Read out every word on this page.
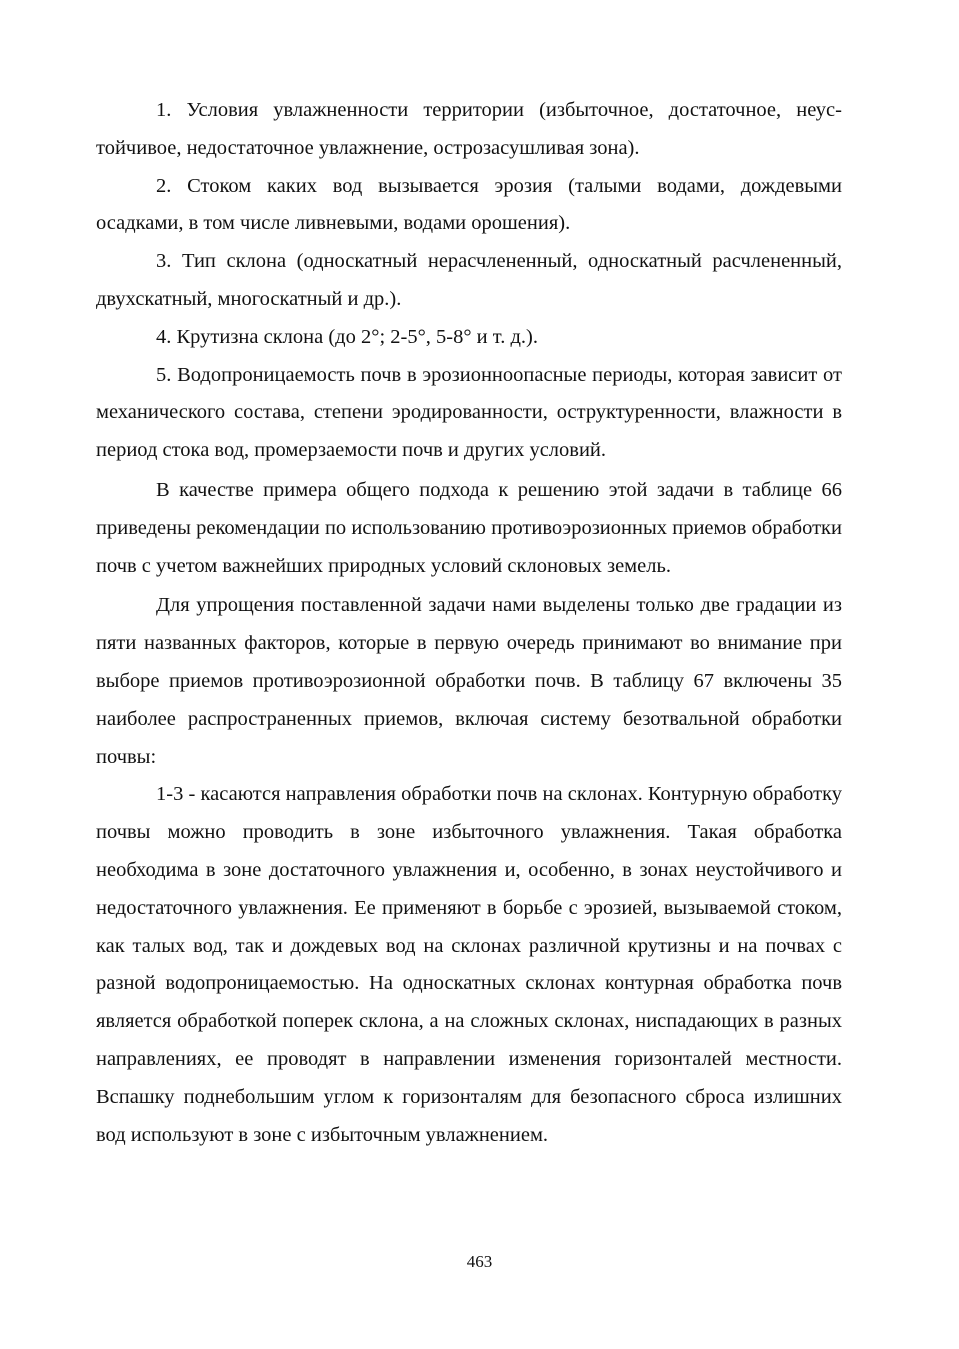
1. Условия увлажненности территории (избыточное, достаточное, неустойчивое, недостаточное увлажнение, острозасушливая зона).

2. Стоком каких вод вызывается эрозия (талыми водами, дождевыми осадками, в том числе ливневыми, водами орошения).

3. Тип склона (односкатный нерасчлененный, односкатный расчлененный, двухскатный, многоскатный и др.).

4. Крутизна склона (до 2°; 2-5°, 5-8° и т. д.).

5. Водопроницаемость почв в эрозионноопасные периоды, которая зависит от механического состава, степени эродированности, оструктуренности, влажности в период стока вод, промерзаемости почв и других условий.

В качестве примера общего подхода к решению этой задачи в таблице 66 приведены рекомендации по использованию противоэрозионных приемов обработки почв с учетом важнейших природных условий склоновых земель.

Для упрощения поставленной задачи нами выделены только две градации из пяти названных факторов, которые в первую очередь принимают во внимание при выборе приемов противоэрозионной обработки почв. В таблицу 67 включены 35 наиболее распространенных приемов, включая систему безотвальной обработки почвы:

1-3 - касаются направления обработки почв на склонах. Контурную обработку почвы можно проводить в зоне избыточного увлажнения. Такая обработка необходима в зоне достаточного увлажнения и, особенно, в зонах неустойчивого и недостаточного увлажнения. Ее применяют в борьбе с эрозией, вызываемой стоком, как талых вод, так и дождевых вод на склонах различной крутизны и на почвах с разной водопроницаемостью. На односкатных склонах контурная обработка почв является обработкой поперек склона, а на сложных склонах, ниспадающих в разных направлениях, ее проводят в направлении изменения горизонталей местности. Вспашку поднебольшим углом к горизонталям для безопасного сброса излишних вод используют в зоне с избыточным увлажнением.

463
